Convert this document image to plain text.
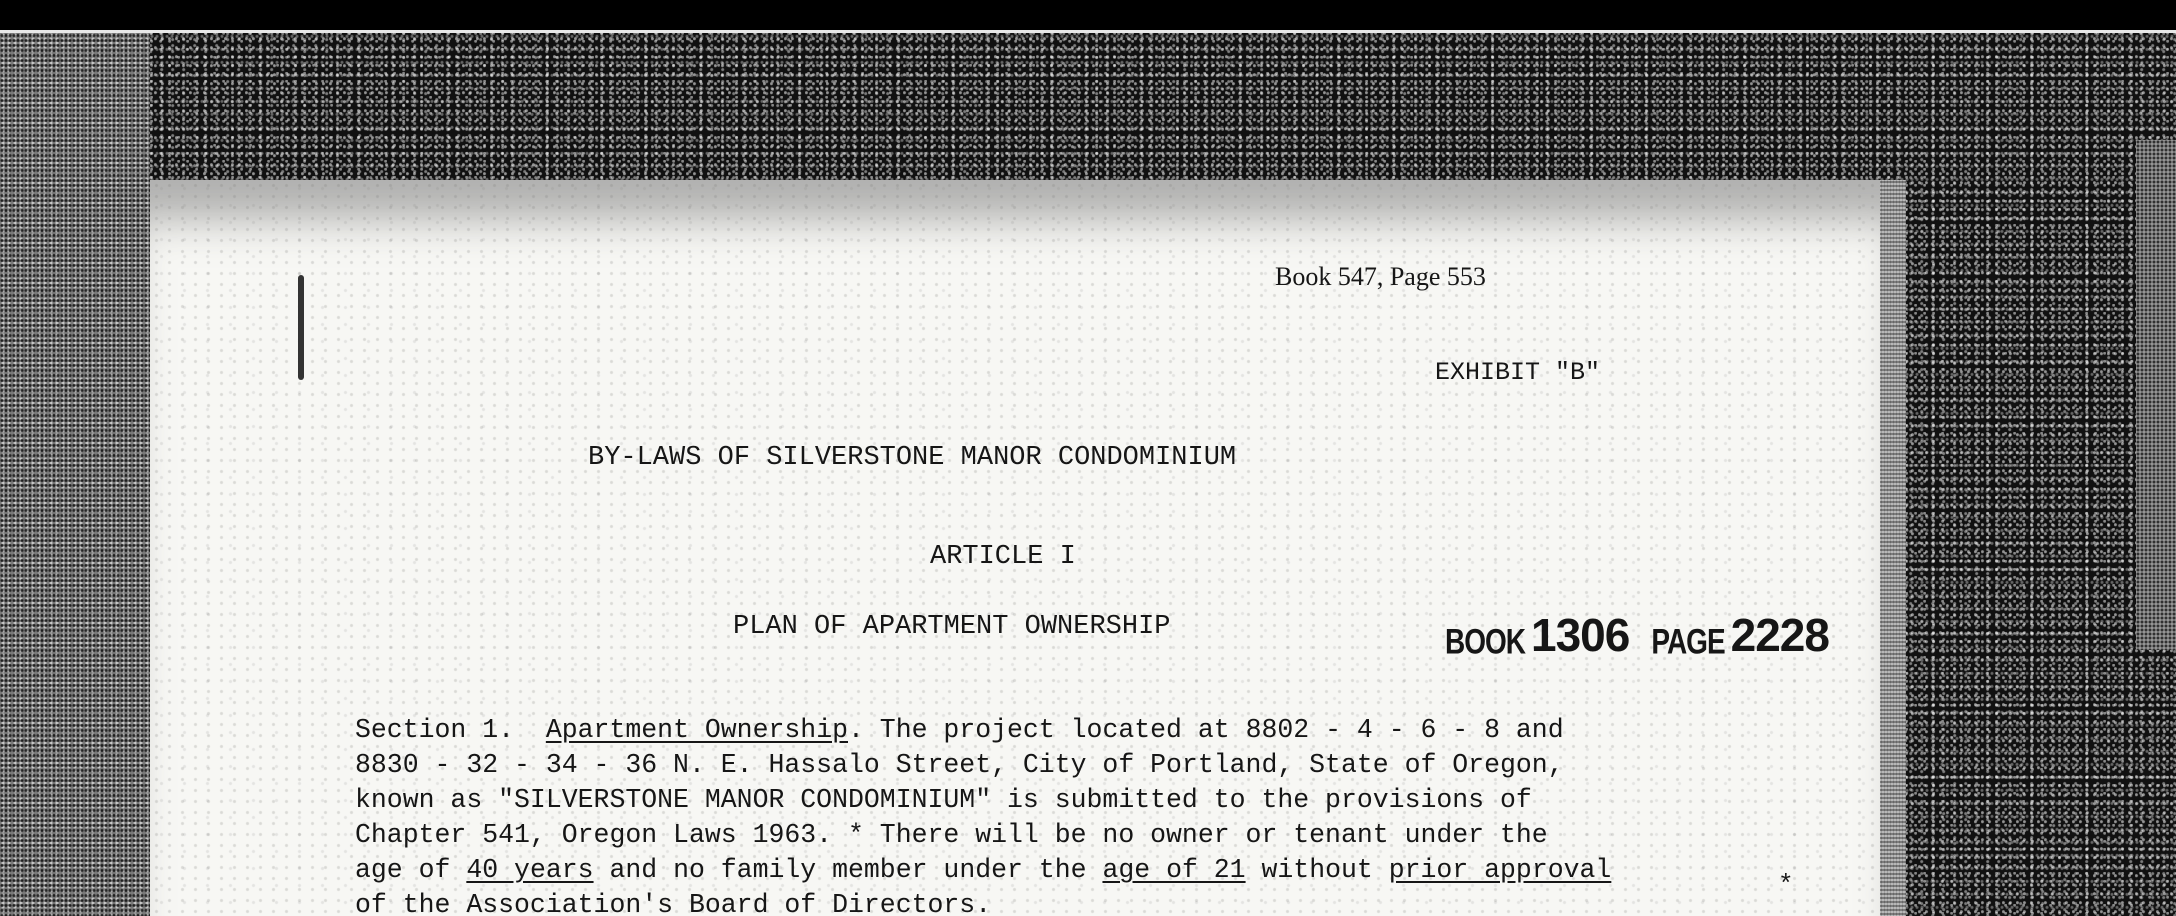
Book 547, Page 553
EXHIBIT "B"
BY-LAWS OF SILVERSTONE MANOR CONDOMINIUM
ARTICLE I
PLAN OF APARTMENT OWNERSHIP	BOOK 1306 PAGE 2228
Section 1. Apartment Ownership. The project located at 8802 - 4 - 6 - 8 and
8830 - 32 - 34 - 36 N. E. Hassalo Street, City of Portland, State of Oregon,
known as "SILVERSTONE MANOR CONDOMINIUM" is submitted to the provisions of
Chapter 541, Oregon Laws 1963. * There will be no owner or tenant under the
age of 40 years and no family member under the age of 21 without prior approval
of the Association's Board of Directors.
*
